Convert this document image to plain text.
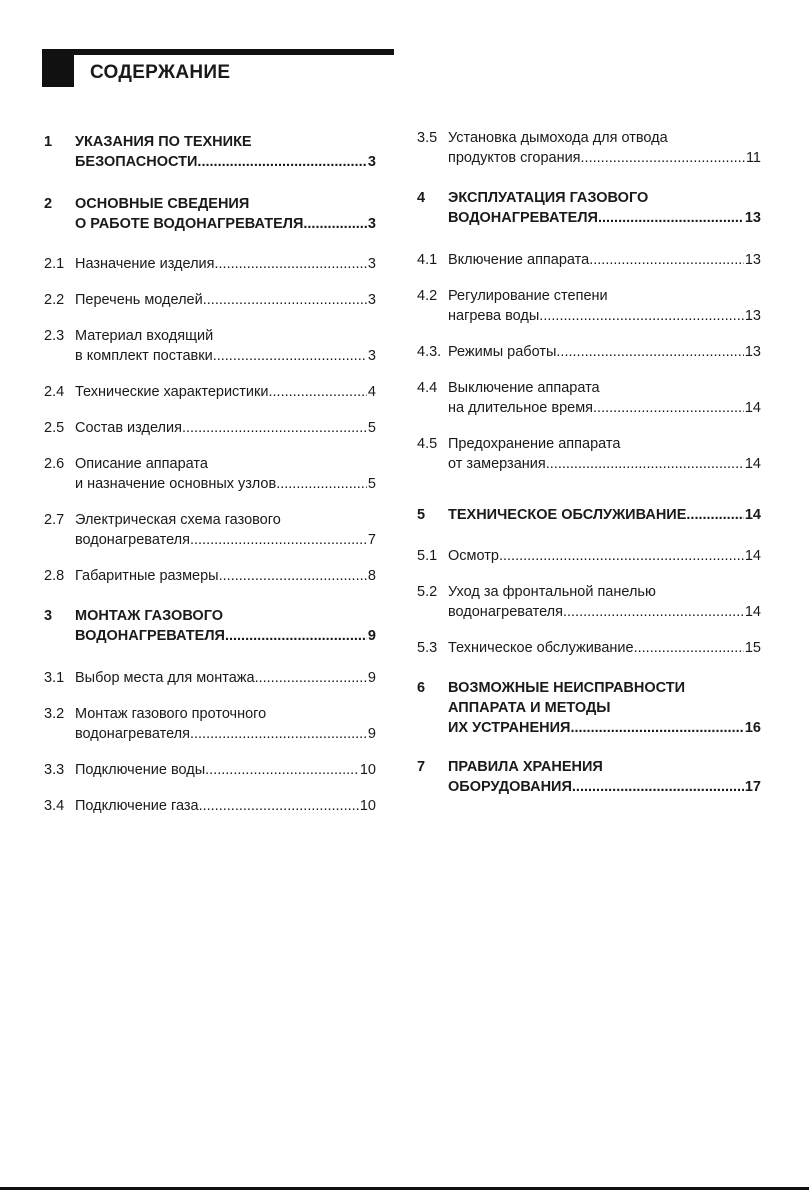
СОДЕРЖАНИЕ
1 УКАЗАНИЯ ПО ТЕХНИКЕ
БЕЗОПАСНОСТИ .....	3
2 ОСНОВНЫЕ СВЕДЕНИЯ
О РАБОТЕ ВОДОНАГРЕВАТЕЛЯ .....	3
2.1 Назначение изделия .....	3
2.2 Перечень моделей .....	3
2.3 Материал входящий
в комплект поставки .....	3
2.4 Технические характеристики .....	4
2.5 Состав изделия .....	5
2.6 Описание аппарата
и назначение основных узлов .....	5
2.7 Электрическая схема газового
водонагревателя .....	7
2.8 Габаритные размеры .....	8
3 МОНТАЖ ГАЗОВОГО
ВОДОНАГРЕВАТЕЛЯ .....	9
3.1 Выбор места для монтажа .....	9
3.2 Монтаж газового проточного
водонагревателя .....	9
3.3 Подключение воды .....	10
3.4 Подключение газа .....	10
3.5 Установка дымохода для отвода
продуктов сгорания .....	11
4 ЭКСПЛУАТАЦИЯ ГАЗОВОГО
ВОДОНАГРЕВАТЕЛЯ .....	13
4.1 Включение аппарата .....	13
4.2 Регулирование степени
нагрева воды .....	13
4.3. Режимы работы .....	13
4.4 Выключение аппарата
на длительное время .....	14
4.5 Предохранение аппарата
от замерзания .....	14
5 ТЕХНИЧЕСКОЕ ОБСЛУЖИВАНИЕ .....	14
5.1 Осмотр .....	14
5.2 Уход за фронтальной панелью
водонагревателя .....	14
5.3 Техническое обслуживание .....	15
6 ВОЗМОЖНЫЕ НЕИСПРАВНОСТИ
АППАРАТА И МЕТОДЫ
ИХ УСТРАНЕНИЯ .....	16
7 ПРАВИЛА ХРАНЕНИЯ
ОБОРУДОВАНИЯ .....	17
